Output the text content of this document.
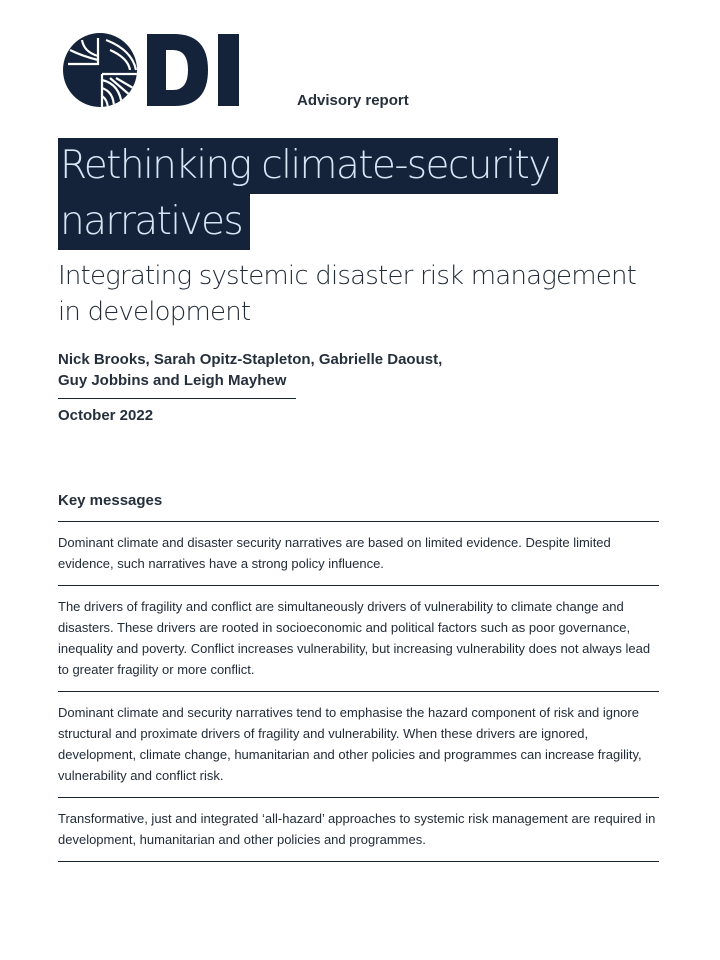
Advisory report
Rethinking climate-security
narratives
Integrating systemic disaster risk management in development
Nick Brooks, Sarah Opitz-Stapleton, Gabrielle Daoust,
Guy Jobbins and Leigh Mayhew
October 2022
Key messages
Dominant climate and disaster security narratives are based on limited evidence. Despite limited evidence, such narratives have a strong policy influence.
The drivers of fragility and conflict are simultaneously drivers of vulnerability to climate change and disasters. These drivers are rooted in socioeconomic and political factors such as poor governance, inequality and poverty. Conflict increases vulnerability, but increasing vulnerability does not always lead to greater fragility or more conflict.
Dominant climate and security narratives tend to emphasise the hazard component of risk and ignore structural and proximate drivers of fragility and vulnerability. When these drivers are ignored, development, climate change, humanitarian and other policies and programmes can increase fragility, vulnerability and conflict risk.
Transformative, just and integrated ‘all-hazard’ approaches to systemic risk management are required in development, humanitarian and other policies and programmes.
